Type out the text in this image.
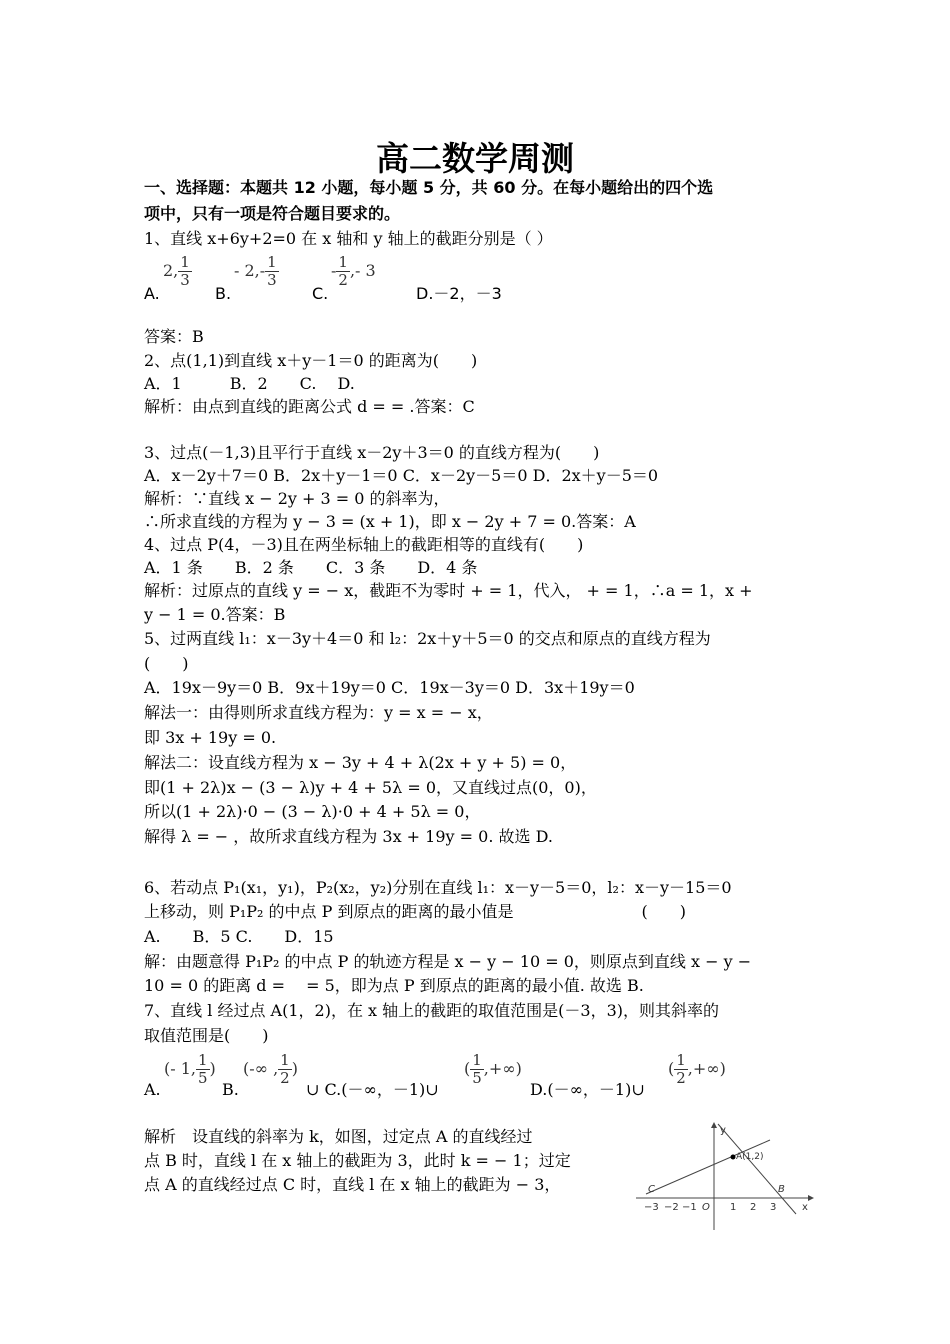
高二数学周测
一、选择题：本题共 12 小题，每小题 5 分，共 60 分。在每小题给出的四个选
项中，只有一项是符合题目要求的。
1、直线 x+6y+2=0 在 x 轴和 y 轴上的截距分别是（ ）
A.
2, $\frac{1}{3}$
B.
- $2,- \frac{1}{3}$
C.
- $\frac{1}{2}$ ,- 3
D.－2，－3
答案：B
2、点(1,1)到直线 x＋y－1＝0 的距离为(　　)
A．1　　　B．2　　C.　 D.
解析：由点到直线的距离公式 d = = .答案：C
3、过点(－1,3)且平行于直线 x－2y＋3＝0 的直线方程为(　　)
A．x－2y＋7＝0 B．2x＋y－1＝0 C．x－2y－5＝0 D．2x＋y－5＝0
解析：∵直线 x − 2y + 3 = 0 的斜率为，
∴所求直线的方程为 y − 3 = (x + 1)，即 x − 2y + 7 = 0.答案：A
4、过点 P(4，－3)且在两坐标轴上的截距相等的直线有(　　)
A．1 条　　B．2 条　　C．3 条　　D．4 条
解析：过原点的直线 y = − x，截距不为零时 + = 1，代入， + = 1，∴a = 1，x +
y − 1 = 0.答案：B
5、过两直线 l₁：x－3y＋4＝0 和 l₂：2x＋y＋5＝0 的交点和原点的直线方程为
(　　)
A．19x－9y＝0 B．9x＋19y＝0 C．19x－3y＝0 D．3x＋19y＝0
解法一：由得则所求直线方程为：y = x = − x，
即 3x + 19y = 0.
解法二：设直线方程为 x − 3y + 4 + λ(2x + y + 5) = 0，
即(1 + 2λ)x − (3 − λ)y + 4 + 5λ = 0，又直线过点(0，0)，
所以(1 + 2λ)·0 − (3 − λ)·0 + 4 + 5λ = 0，
解得 λ = − ，故所求直线方程为 3x + 19y = 0. 故选 D.
6、若动点 P₁(x₁，y₁)，P₂(x₂，y₂)分别在直线 l₁：x－y－5＝0，l₂：x－y－15＝0
上移动，则 P₁P₂ 的中点 P 到原点的距离的最小值是　　　　　　　　(　　)
A.　　B．5 C.　　D．15
解：由题意得 P₁P₂ 的中点 P 的轨迹方程是 x − y − 10 = 0，则原点到直线 x − y −
10 = 0 的距离 d = 　= 5，即为点 P 到原点的距离的最小值. 故选 B.
7、直线 l 经过点 A(1，2)，在 x 轴上的截距的取值范围是(－3，3)，则其斜率的
取值范围是(　　)
A.
(- 1, $\frac{1}{5}$ )
B.
(-∞ , $\frac{1}{2}$ )
∪ C.(－∞，－1)∪
( $\frac{1}{5}$ ,+∞)
D.(－∞，－1)∪
( $\frac{1}{2}$ ,+∞)
解析　设直线的斜率为 k，如图，过定点 A 的直线经过
点 B 时，直线 l 在 x 轴上的截距为 3，此时 k = − 1；过定
点 A 的直线经过点 C 时，直线 l 在 x 轴上的截距为 − 3，
y
x
A(1,2)
B
C
O
−3 −2 −1	1 2 3
